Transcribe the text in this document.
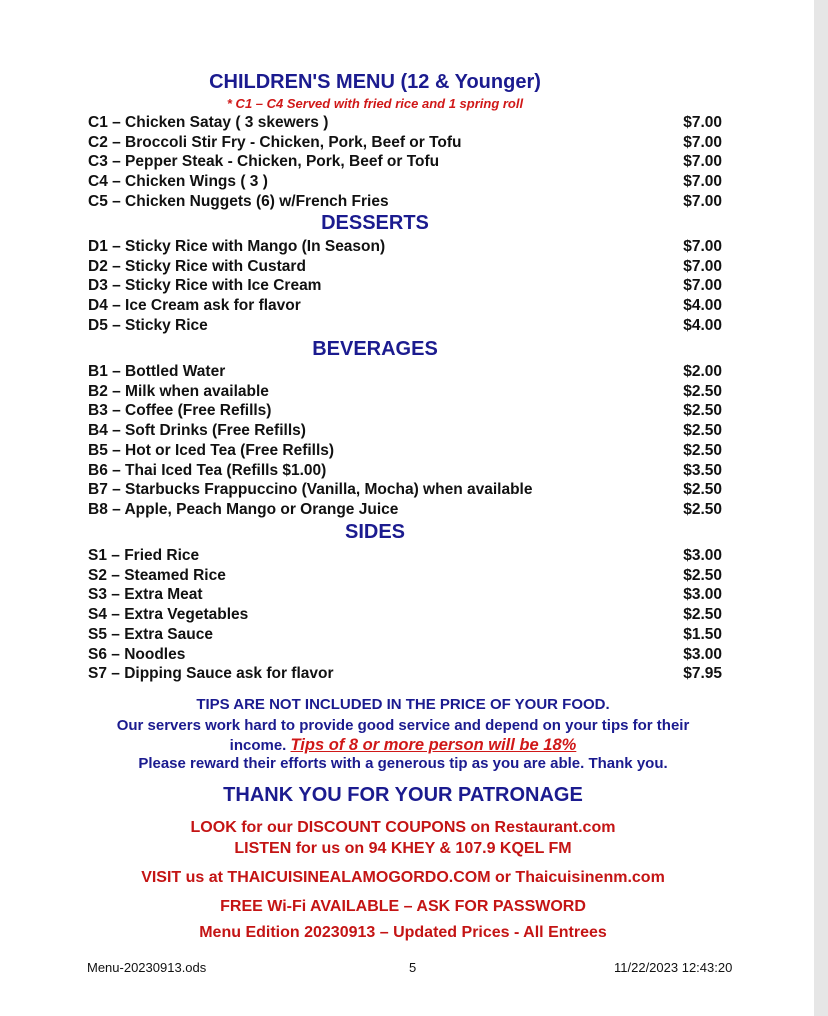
CHILDREN'S MENU (12 & Younger)
* C1 – C4 Served with fried rice and 1 spring roll
C1 – Chicken Satay ( 3 skewers )	$7.00
C2 – Broccoli Stir Fry - Chicken, Pork, Beef or Tofu	$7.00
C3 – Pepper Steak - Chicken, Pork, Beef or Tofu	$7.00
C4 – Chicken Wings ( 3 )	$7.00
C5 – Chicken Nuggets (6) w/French Fries	$7.00
DESSERTS
D1 – Sticky Rice with Mango (In Season)	$7.00
D2 – Sticky Rice with Custard	$7.00
D3 – Sticky Rice with Ice Cream	$7.00
D4 – Ice Cream ask for flavor	$4.00
D5 – Sticky Rice	$4.00
BEVERAGES
B1 – Bottled Water	$2.00
B2 – Milk when available	$2.50
B3 – Coffee (Free Refills)	$2.50
B4 – Soft Drinks (Free Refills)	$2.50
B5 – Hot or Iced Tea (Free Refills)	$2.50
B6 – Thai Iced Tea (Refills $1.00)	$3.50
B7 – Starbucks Frappuccino (Vanilla, Mocha) when available	$2.50
B8 – Apple, Peach Mango or Orange Juice	$2.50
SIDES
S1 – Fried Rice	$3.00
S2 – Steamed Rice	$2.50
S3 – Extra Meat	$3.00
S4 – Extra Vegetables	$2.50
S5 – Extra Sauce	$1.50
S6 – Noodles	$3.00
S7 – Dipping Sauce ask for flavor	$7.95
TIPS ARE NOT INCLUDED IN THE PRICE OF YOUR FOOD.
Our servers work hard to provide good service and depend on your tips for their
income. Tips of 8 or more person will be 18%
Please reward their efforts with a generous tip as you are able. Thank you.
THANK YOU FOR YOUR PATRONAGE
LOOK for our DISCOUNT COUPONS on Restaurant.com
LISTEN for us on 94 KHEY & 107.9 KQEL FM
VISIT us at THAICUISINEALAMOGORDO.COM or Thaicuisinenm.com
FREE Wi-Fi AVAILABLE – ASK FOR PASSWORD
Menu Edition 20230913 – Updated Prices - All Entrees
Menu-20230913.ods	5	11/22/2023 12:43:20
